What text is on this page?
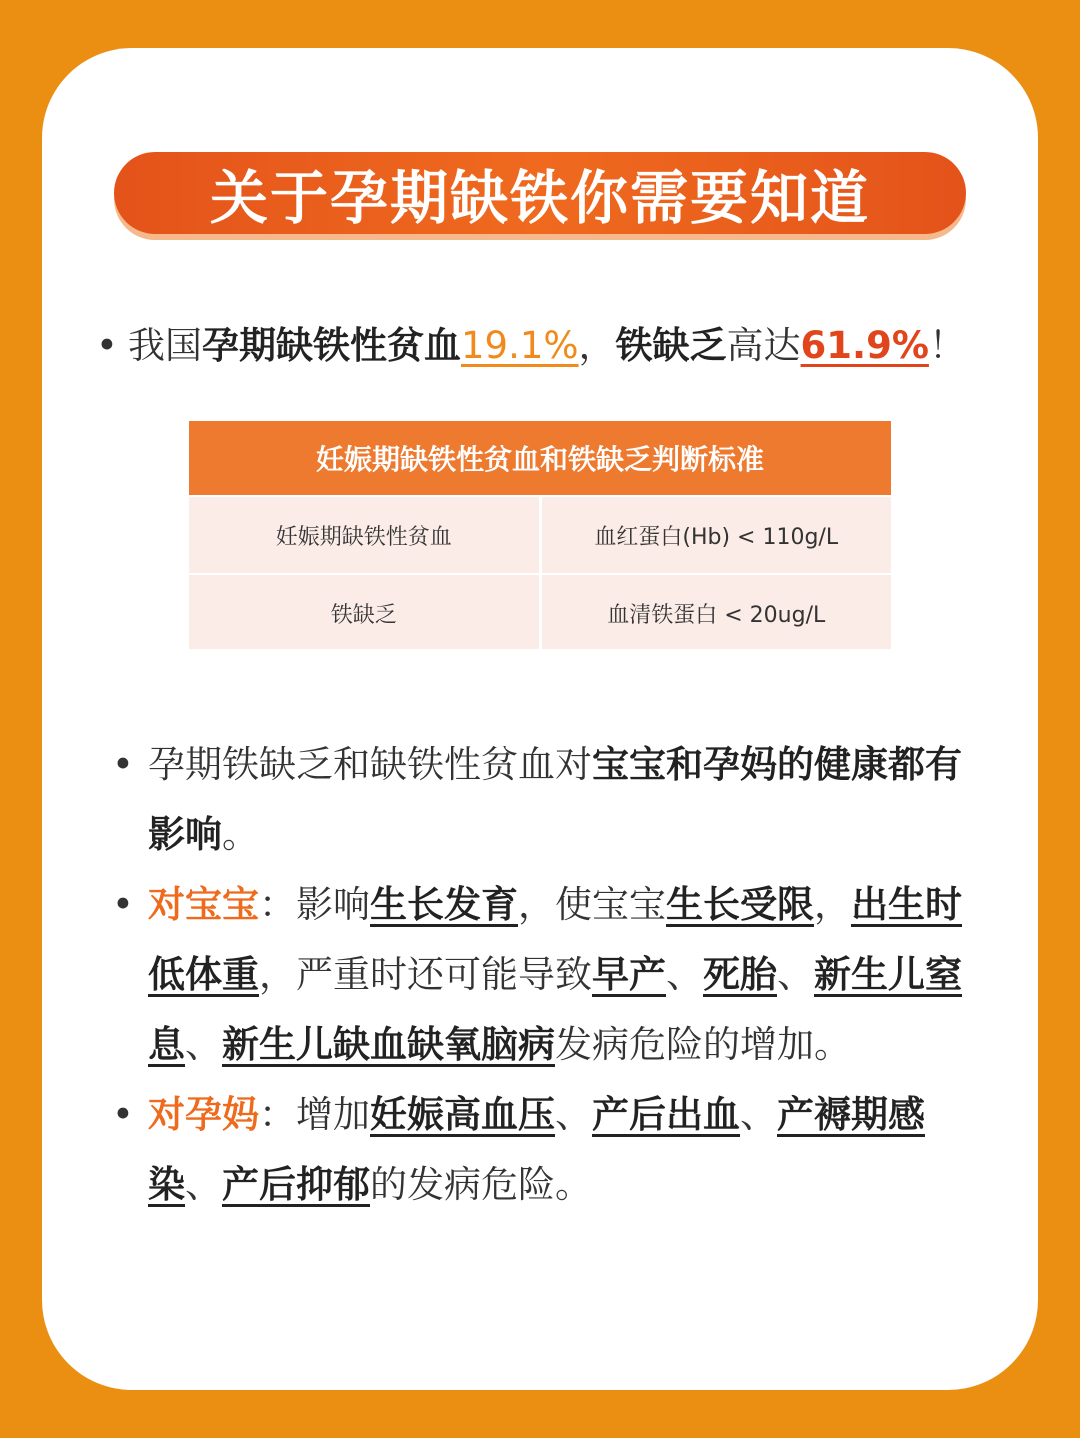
关于孕期缺铁你需要知道
• 我国孕期缺铁性贫血19.1%，铁缺乏高达61.9%！
妊娠期缺铁性贫血和铁缺乏判断标准
妊娠期缺铁性贫血	血红蛋白(Hb) < 110g/L
铁缺乏	血清铁蛋白 < 20ug/L
• 孕期铁缺乏和缺铁性贫血对宝宝和孕妈的健康都有影响。
• 对宝宝：影响生长发育，使宝宝生长受限，出生时低体重，严重时还可能导致早产、死胎、新生儿窒息、新生儿缺血缺氧脑病发病危险的增加。
• 对孕妈：增加妊娠高血压、产后出血、产褥期感染、产后抑郁的发病危险。
